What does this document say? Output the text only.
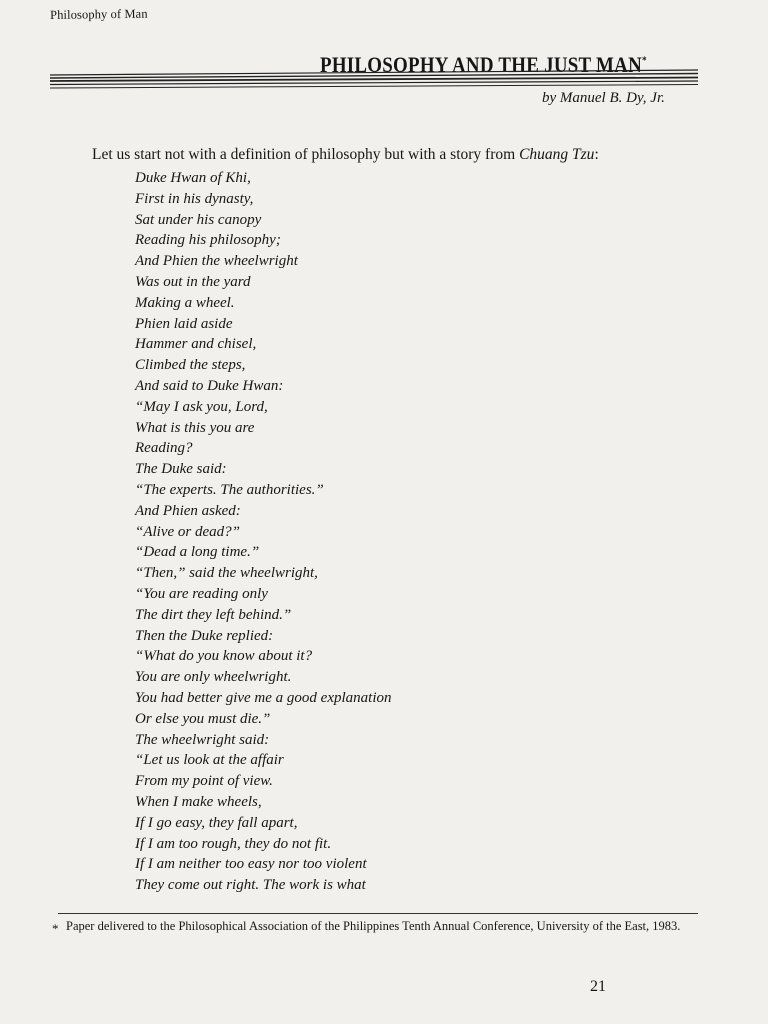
Philosophy of Man
PHILOSOPHY AND THE JUST MAN*
by Manuel B. Dy, Jr.
Let us start not with a definition of philosophy but with a story from Chuang Tzu:
Duke Hwan of Khi,
First in his dynasty,
Sat under his canopy
Reading his philosophy;
And Phien the wheelwright
Was out in the yard
Making a wheel.
Phien laid aside
Hammer and chisel,
Climbed the steps,
And said to Duke Hwan:
“May I ask you, Lord,
What is this you are
Reading?
The Duke said:
“The experts. The authorities.”
And Phien asked:
“Alive or dead?”
“Dead a long time.”
“Then,” said the wheelwright,
“You are reading only
The dirt they left behind.”
Then the Duke replied:
“What do you know about it?
You are only wheelwright.
You had better give me a good explanation
Or else you must die.”
The wheelwright said:
“Let us look at the affair
From my point of view.
When I make wheels,
If I go easy, they fall apart,
If I am too rough, they do not fit.
If I am neither too easy nor too violent
They come out right. The work is what
* Paper delivered to the Philosophical Association of the Philippines Tenth Annual Conference, University of the East, 1983.
21
